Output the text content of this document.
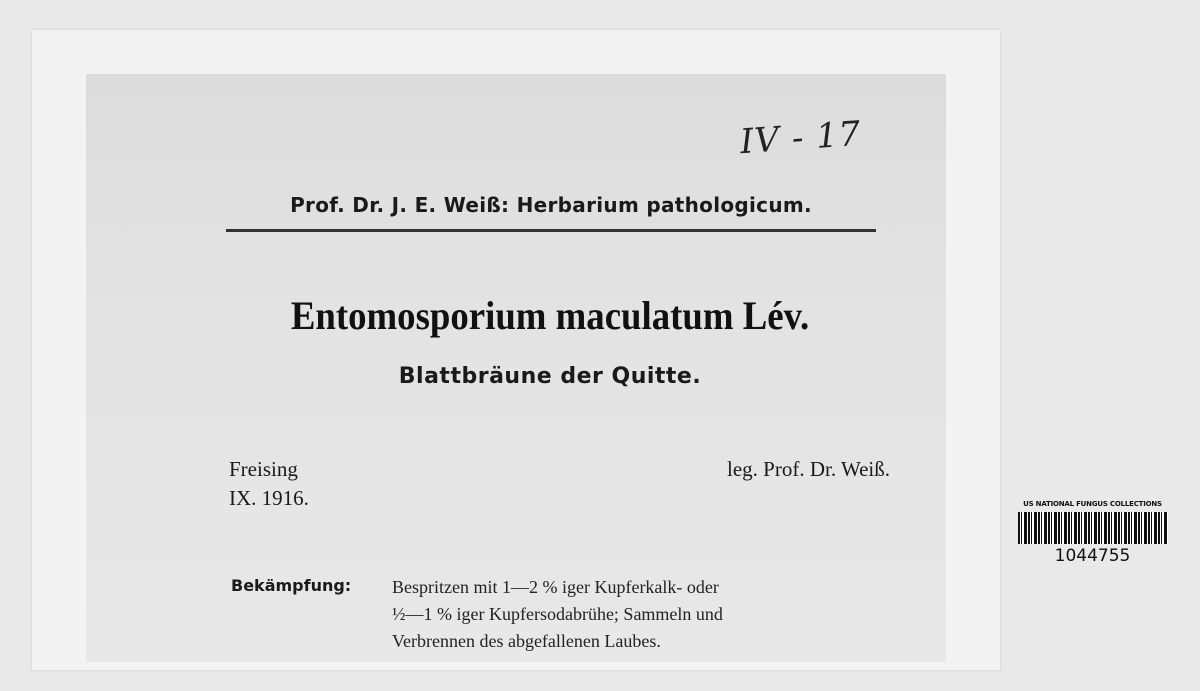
IV - 17
Prof. Dr. J. E. Weiß: Herbarium pathologicum.
Entomosporium maculatum Lév.
Blattbräune der Quitte.
Freising
IX. 1916.
leg. Prof. Dr. Weiß.
Bekämpfung: Bespritzen mit 1—2 % iger Kupferkalk- oder
½—1 % iger Kupfersodabrühe; Sammeln und
Verbrennen des abgefallenen Laubes.
US NATIONAL FUNGUS COLLECTIONS
1044755
